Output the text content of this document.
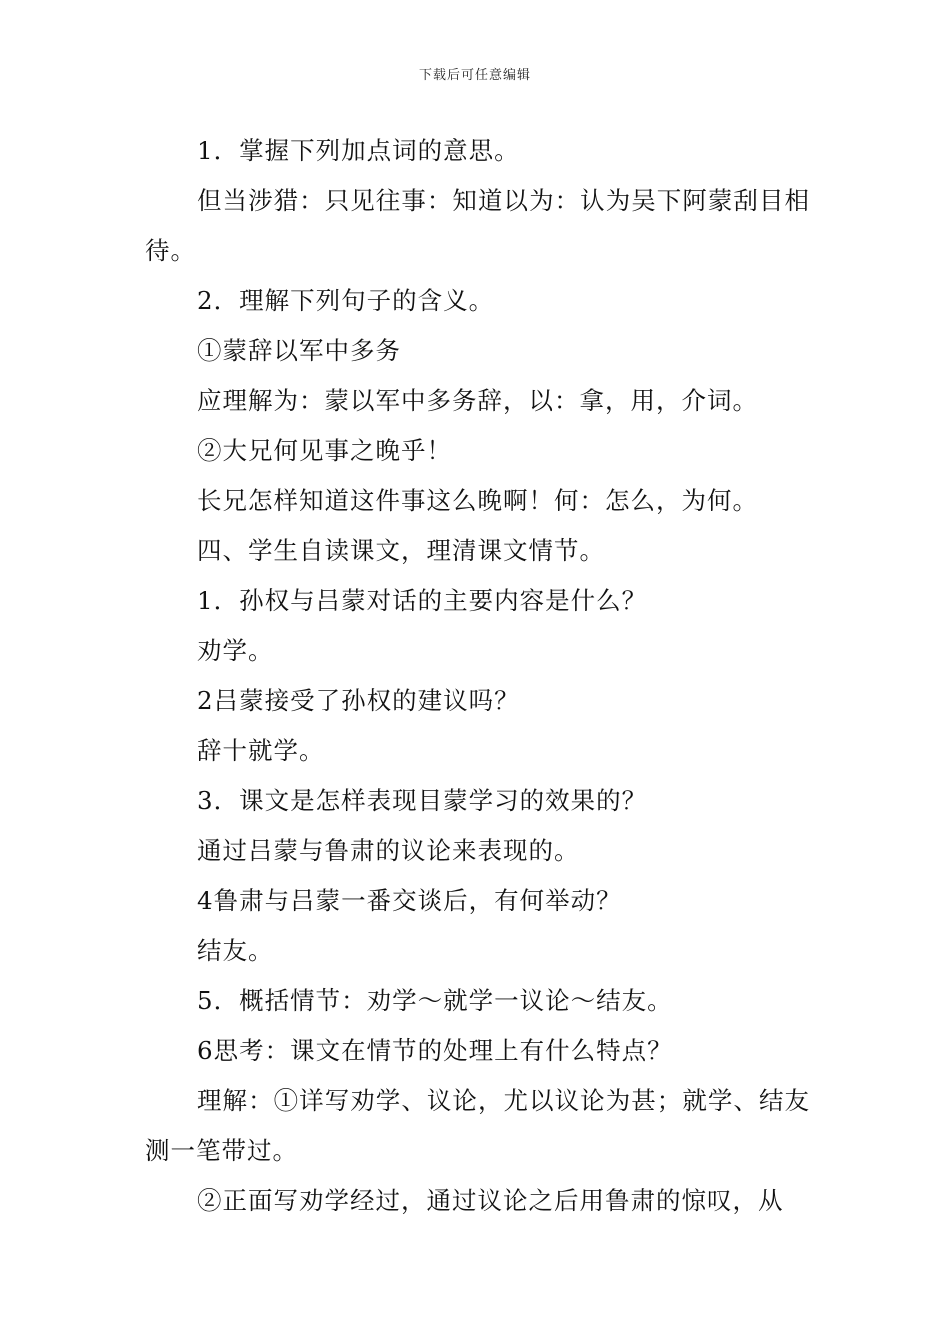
下载后可任意编辑

1．掌握下列加点词的意思。

但当涉猎：只见往事：知道以为：认为吴下阿蒙刮目相待。

2．理解下列句子的含义。

①蒙辞以军中多务

应理解为：蒙以军中多务辞，以：拿，用，介词。

②大兄何见事之晚乎！

长兄怎样知道这件事这么晚啊！何：怎么，为何。

四、学生自读课文，理清课文情节。

1．孙权与吕蒙对话的主要内容是什么？

劝学。

2吕蒙接受了孙权的建议吗？

辞十就学。

3．课文是怎样表现目蒙学习的效果的？

通过吕蒙与鲁肃的议论来表现的。

4鲁肃与吕蒙一番交谈后，有何举动？

结友。

5．概括情节：劝学～就学一议论～结友。

6思考：课文在情节的处理上有什么特点？

理解：①详写劝学、议论，尤以议论为甚；就学、结友测一笔带过。

②正面写劝学经过，通过议论之后用鲁肃的惊叹，从
